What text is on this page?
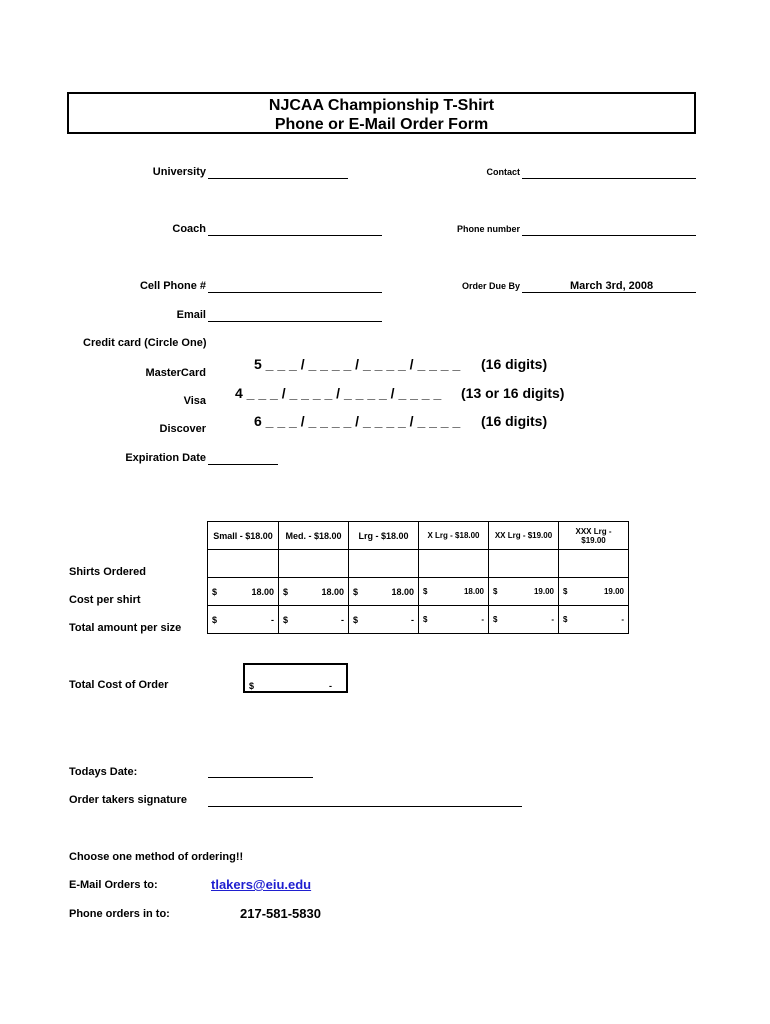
NJCAA Championship T-Shirt
Phone or E-Mail Order Form
University	Contact
Coach	Phone number
Cell Phone #	Order Due By	March 3rd, 2008
Email
Credit card (Circle One)
MasterCard
5 _ _ _ / _ _ _ _ / _ _ _ _ / _ _ _ _ (16 digits)
Visa 4 _ _ _ / _ _ _ _ / _ _ _ _ / _ _ _ _ (13 or 16 digits)
Discover	6 _ _ _ / _ _ _ _ / _ _ _ _ / _ _ _ _ (16 digits)
Expiration Date
Shirts Ordered
Cost per shirt
Total amount per size
Small - $18.00	Med. - $18.00	Lrg - $18.00	X Lrg - $18.00	XX Lrg - $19.00	XXX Lrg - $19.00

$ 18.00	$ 18.00	$ 18.00	$ 18.00	$ 19.00	$ 19.00

$ -	$ -	$ -	$ -	$ -	$ -
Total Cost of Order	$	-
Todays Date:
Order takers signature
Choose one method of ordering!!
E-Mail Orders to:	tlakers@eiu.edu
Phone orders in to:	217-581-5830
